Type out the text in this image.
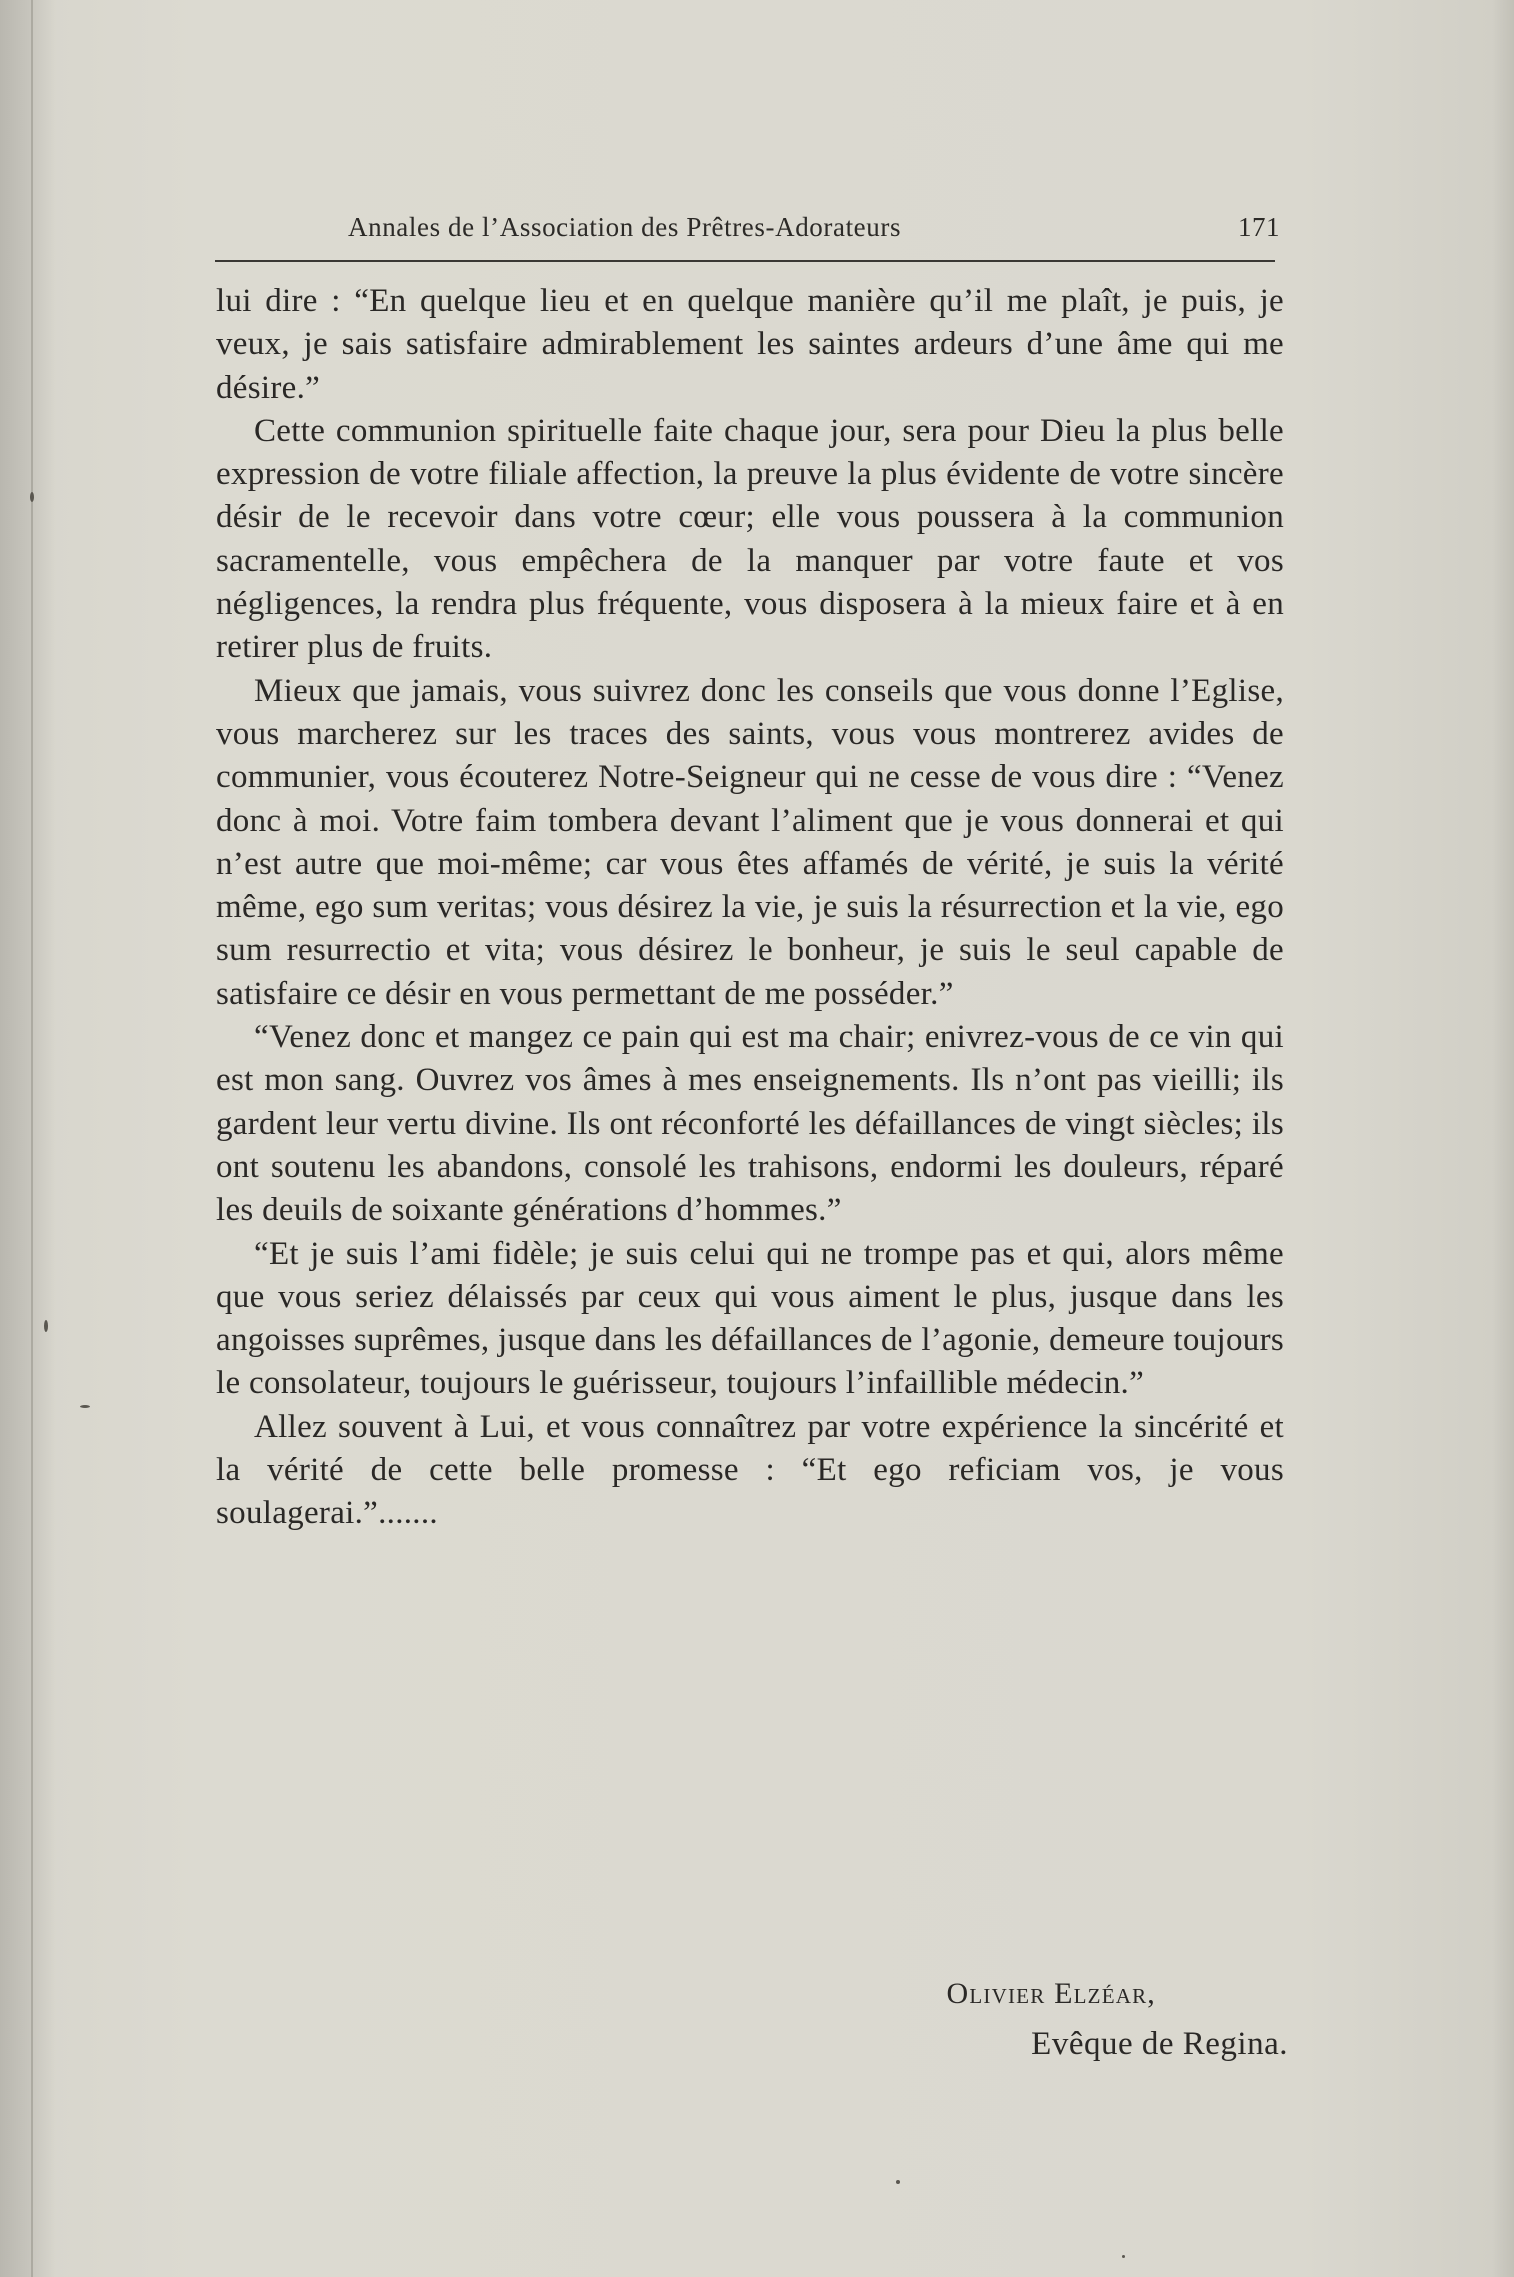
Annales de l’Association des Prêtres-Adorateurs	171

lui dire : “En quelque lieu et en quelque manière qu’il me plaît, je puis, je veux, je sais satisfaire admirablement les saintes ardeurs d’une âme qui me désire.”

Cette communion spirituelle faite chaque jour, sera pour Dieu la plus belle expression de votre filiale affection, la preuve la plus évidente de votre sincère désir de le recevoir dans votre cœur; elle vous poussera à la communion sacramentelle, vous empêchera de la manquer par votre faute et vos négligences, la rendra plus fréquente, vous disposera à la mieux faire et à en retirer plus de fruits.

Mieux que jamais, vous suivrez donc les conseils que vous donne l’Eglise, vous marcherez sur les traces des saints, vous vous montrerez avides de communier, vous écouterez Notre-Seigneur qui ne cesse de vous dire : “Venez donc à moi. Votre faim tombera devant l’aliment que je vous donnerai et qui n’est autre que moi-même; car vous êtes affamés de vérité, je suis la vérité même, ego sum veritas; vous désirez la vie, je suis la résurrection et la vie, ego sum resurrectio et vita; vous désirez le bonheur, je suis le seul capable de satisfaire ce désir en vous permettant de me posséder.”

“Venez donc et mangez ce pain qui est ma chair; enivrez-vous de ce vin qui est mon sang. Ouvrez vos âmes à mes enseignements. Ils n’ont pas vieilli; ils gardent leur vertu divine. Ils ont réconforté les défaillances de vingt siècles; ils ont soutenu les abandons, consolé les trahisons, endormi les douleurs, réparé les deuils de soixante générations d’hommes.”

“Et je suis l’ami fidèle; je suis celui qui ne trompe pas et qui, alors même que vous seriez délaissés par ceux qui vous aiment le plus, jusque dans les angoisses suprêmes, jusque dans les défaillances de l’agonie, demeure toujours le consolateur, toujours le guérisseur, toujours l’infaillible médecin.”

Allez souvent à Lui, et vous connaîtrez par votre expérience la sincérité et la vérité de cette belle promesse : “Et ego reficiam vos, je vous soulagerai.”.......

Olivier Elzéar,
Evêque de Regina.
